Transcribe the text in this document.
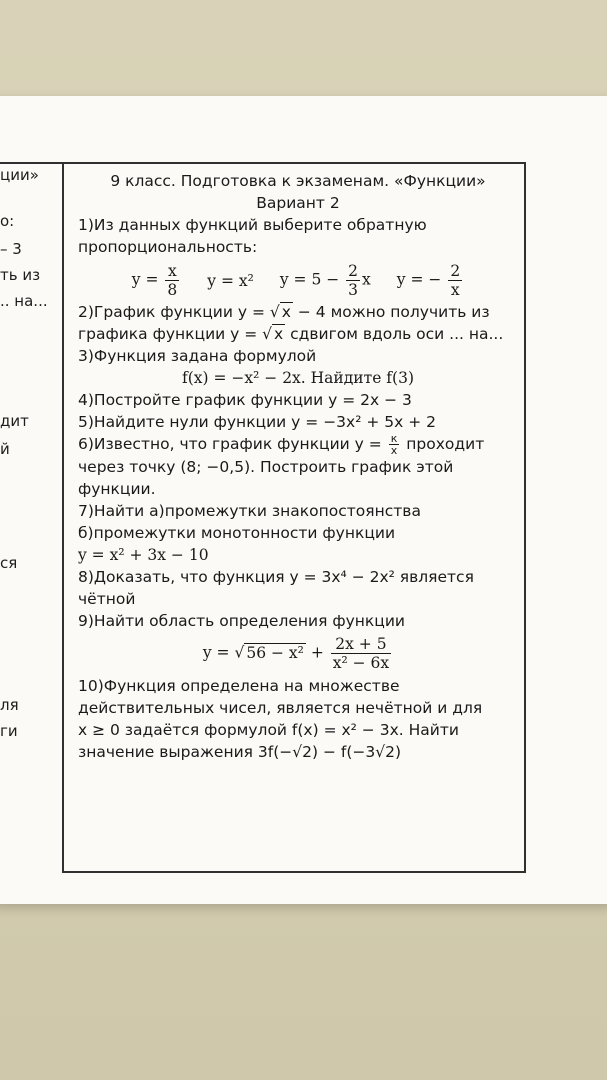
ции»
о:
– 3
ть из
.. на...
дит
й
ся
ля
ги
9 класс. Подготовка к экзаменам. «Функции»
Вариант 2
1)Из данных функций выберите обратную
пропорциональность:
$y = \frac{x}{8}$ y = x² $y = 5 - \frac{2}{3}$ x y = − $\frac{2}{x}$
2)График функции y = √ x − 4 можно получить из
графика функции y = √ x сдвигом вдоль оси ... на...
3)Функция задана формулой
f(x) = −x² − 2x. Найдите f(3)
4)Постройте график функции y = 2x − 3
5)Найдите нули функции y = −3x² + 5x + 2
6)Известно, что график функции $y = \frac{к}{х}$ проходит
через точку (8; −0,5). Построить график этой
функции.
7)Найти а)промежутки знакопостоянства
б)промежутки монотонности функции
y = x² + 3x − 10
8)Доказать, что функция y = 3x⁴ − 2x² является
чётной
9)Найти область определения функции
y = √ $56 - x^2 + \frac{2x + 5}{\text{x² − 6x}}$
10)Функция определена на множестве
действительных чисел, является нечётной и для
x ≥ 0 задаётся формулой f(x) = x² − 3x. Найти
значение выражения 3f(−√2) − f(−3√2)
